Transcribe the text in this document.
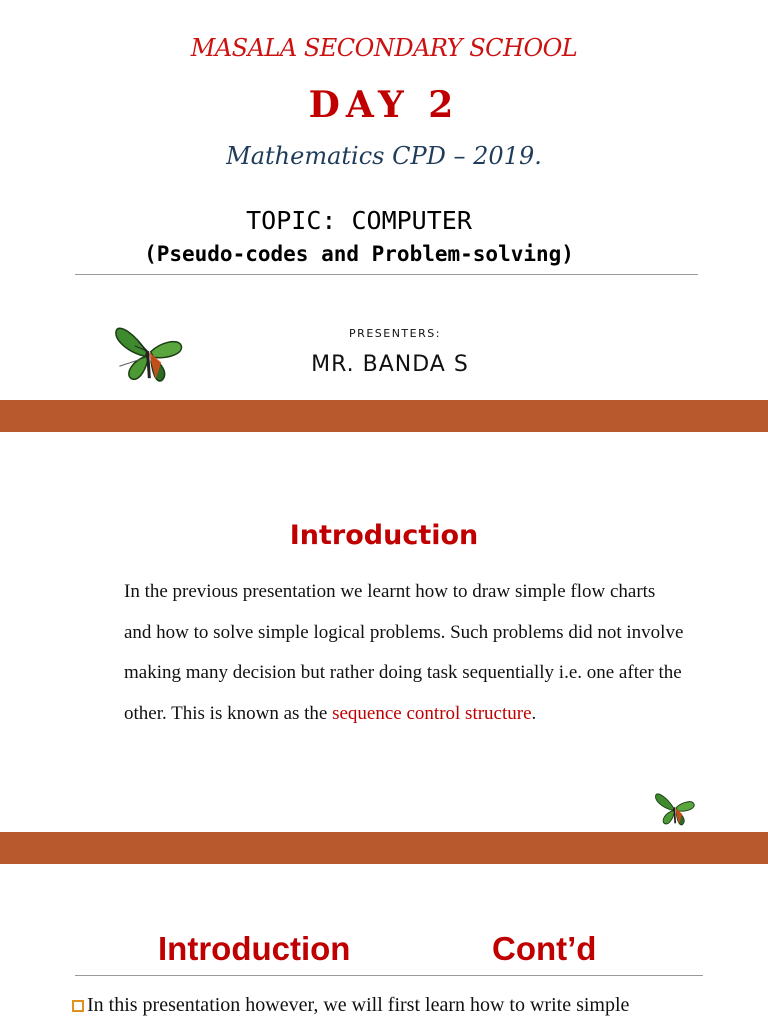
MASALA SECONDARY SCHOOL
DAY 2
Mathematics CPD – 2019.
TOPIC: COMPUTER
(Pseudo-codes and Problem-solving)
PRESENTERS:
MR. BANDA S
Introduction

In the previous presentation we learnt how to draw simple flow charts and how to solve simple logical problems. Such problems did not involve making many decision but rather doing task sequentially i.e. one after the other. This is known as the sequence control structure.

Introduction	Cont’d
In this presentation however, we will first learn how to write simple
